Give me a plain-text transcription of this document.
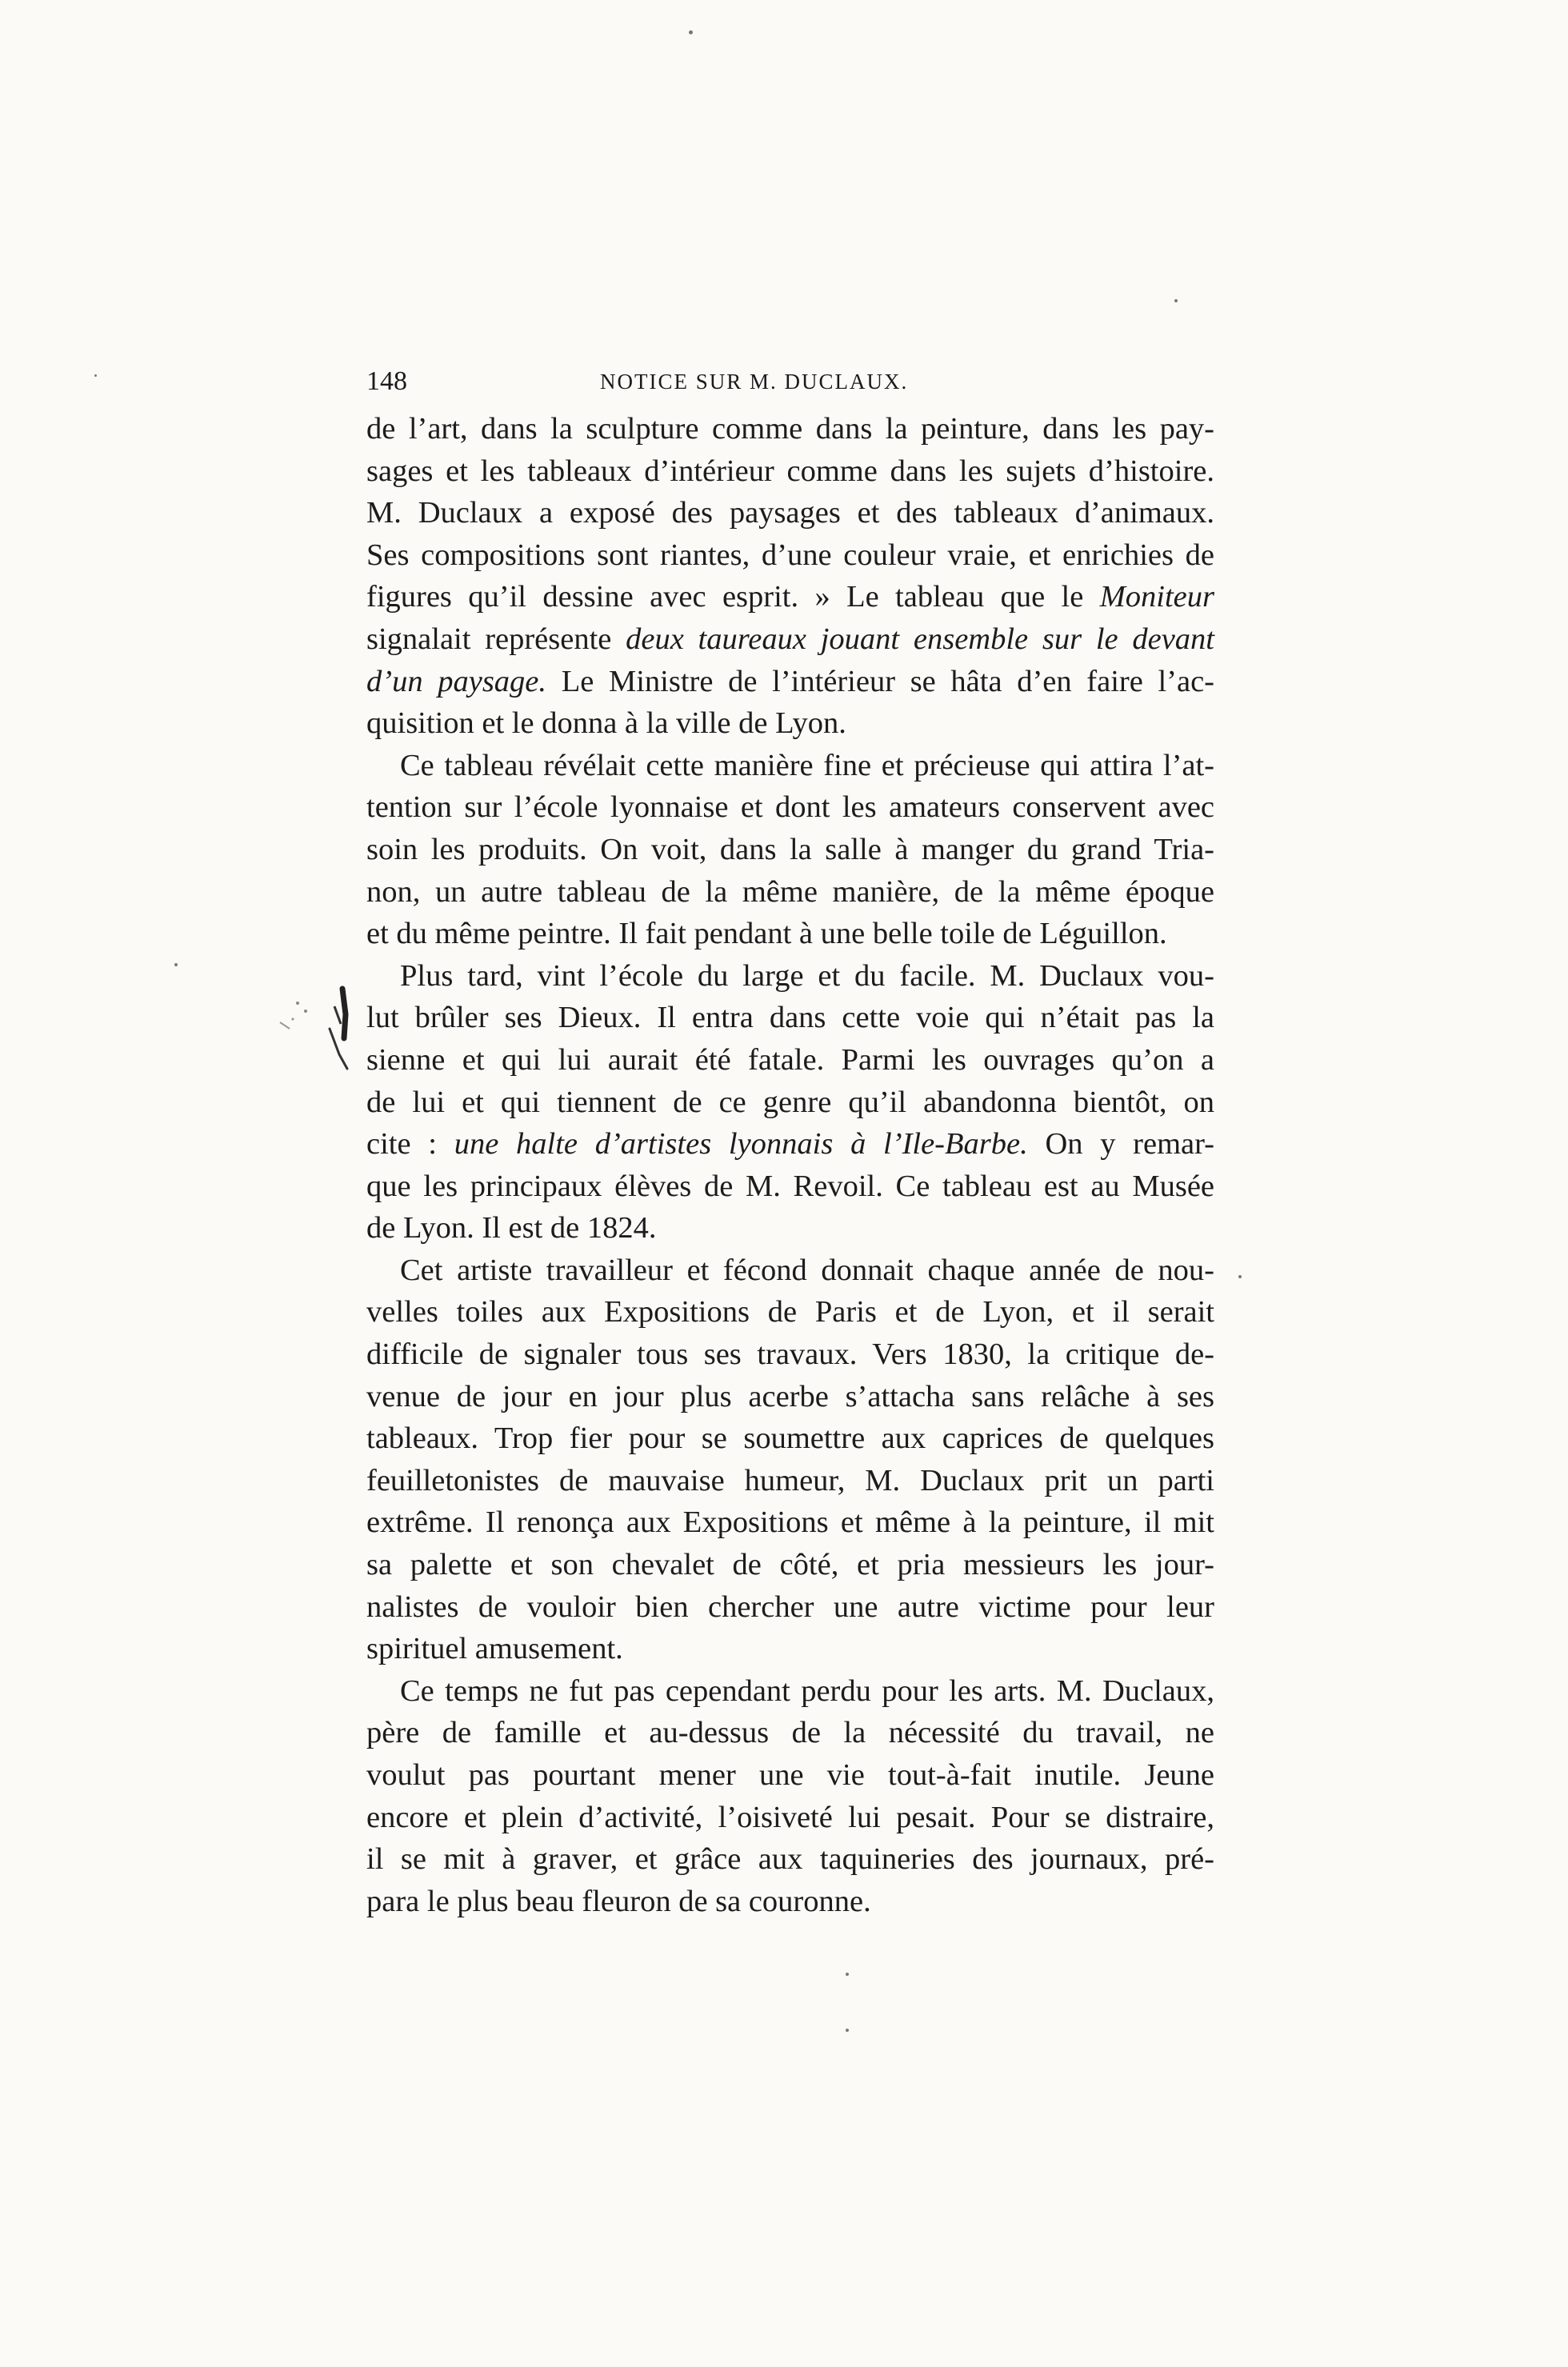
148	NOTICE SUR M. DUCLAUX.

de l’art, dans la sculpture comme dans la peinture, dans les pay-
sages et les tableaux d’intérieur comme dans les sujets d’histoire.
M. Duclaux a exposé des paysages et des tableaux d’animaux.
Ses compositions sont riantes, d’une couleur vraie, et enrichies de
figures qu’il dessine avec esprit. » Le tableau que le Moniteur
signalait représente deux taureaux jouant ensemble sur le devant
d’un paysage. Le Ministre de l’intérieur se hâta d’en faire l’ac-
quisition et le donna à la ville de Lyon.

Ce tableau révélait cette manière fine et précieuse qui attira l’at-
tention sur l’école lyonnaise et dont les amateurs conservent avec
soin les produits. On voit, dans la salle à manger du grand Tria-
non, un autre tableau de la même manière, de la même époque
et du même peintre. Il fait pendant à une belle toile de Léguillon.

Plus tard, vint l’école du large et du facile. M. Duclaux vou-
lut brûler ses Dieux. Il entra dans cette voie qui n’était pas la
sienne et qui lui aurait été fatale. Parmi les ouvrages qu’on a
de lui et qui tiennent de ce genre qu’il abandonna bientôt, on
cite : une halte d’artistes lyonnais à l’Ile-Barbe. On y remar-
que les principaux élèves de M. Revoil. Ce tableau est au Musée
de Lyon. Il est de 1824.

Cet artiste travailleur et fécond donnait chaque année de nou-
velles toiles aux Expositions de Paris et de Lyon, et il serait
difficile de signaler tous ses travaux. Vers 1830, la critique de-
venue de jour en jour plus acerbe s’attacha sans relâche à ses
tableaux. Trop fier pour se soumettre aux caprices de quelques
feuilletonistes de mauvaise humeur, M. Duclaux prit un parti
extrême. Il renonça aux Expositions et même à la peinture, il mit
sa palette et son chevalet de côté, et pria messieurs les jour-
nalistes de vouloir bien chercher une autre victime pour leur
spirituel amusement.

Ce temps ne fut pas cependant perdu pour les arts. M. Duclaux,
père de famille et au-dessus de la nécessité du travail, ne
voulut pas pourtant mener une vie tout-à-fait inutile. Jeune
encore et plein d’activité, l’oisiveté lui pesait. Pour se distraire,
il se mit à graver, et grâce aux taquineries des journaux, pré-
para le plus beau fleuron de sa couronne.
